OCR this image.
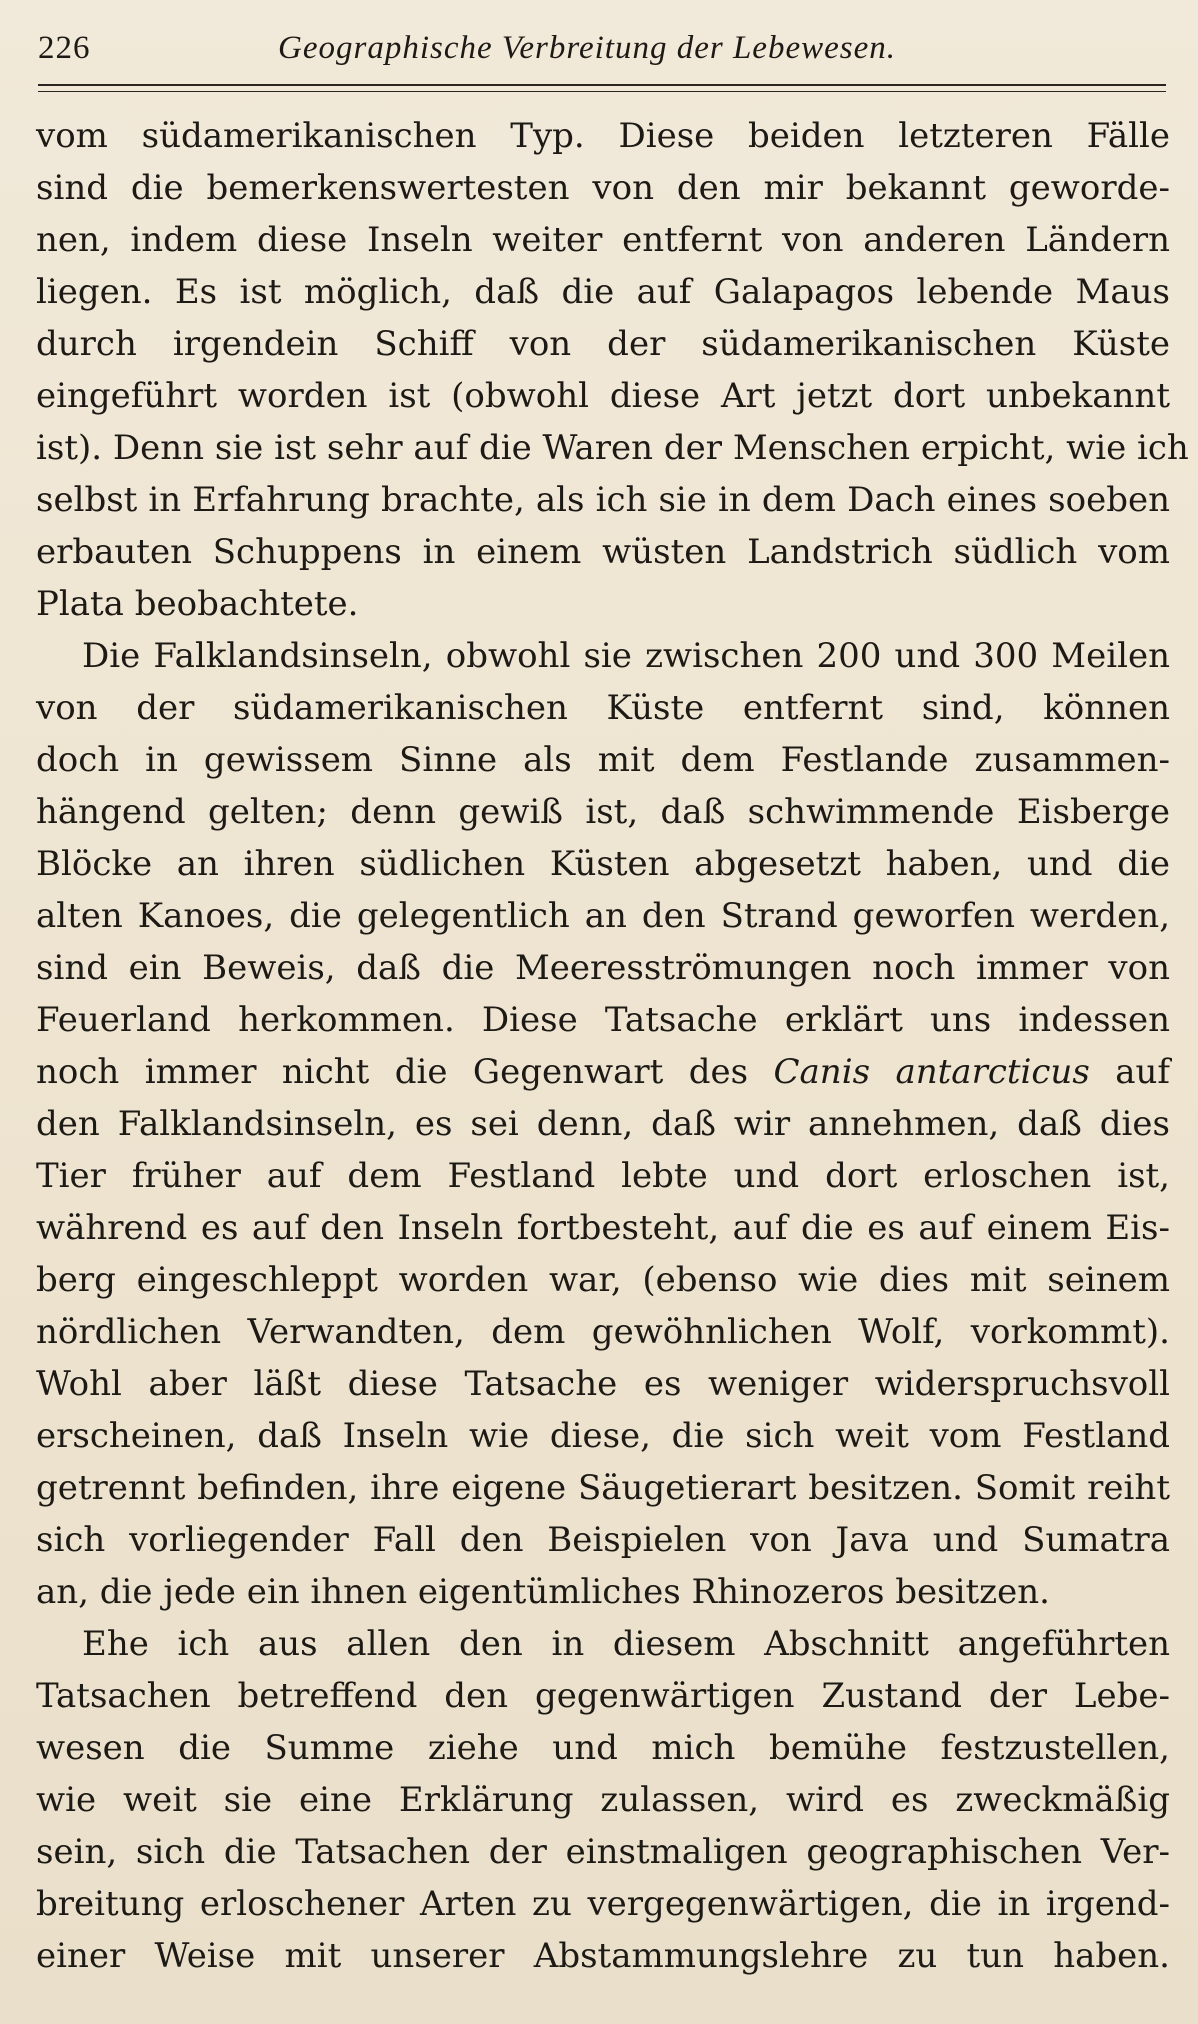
226	Geographische Verbreitung der Lebewesen.
vom südamerikanischen Typ. Diese beiden letzteren Fälle
sind die bemerkenswertesten von den mir bekannt geworde-
nen, indem diese Inseln weiter entfernt von anderen Ländern
liegen. Es ist möglich, daß die auf Galapagos lebende Maus
durch irgendein Schiff von der südamerikanischen Küste
eingeführt worden ist (obwohl diese Art jetzt dort unbekannt
ist). Denn sie ist sehr auf die Waren der Menschen erpicht, wie ich
selbst in Erfahrung brachte, als ich sie in dem Dach eines soeben
erbauten Schuppens in einem wüsten Landstrich südlich vom
Plata beobachtete.
Die Falklandsinseln, obwohl sie zwischen 200 und 300 Meilen
von der südamerikanischen Küste entfernt sind, können
doch in gewissem Sinne als mit dem Festlande zusammen-
hängend gelten; denn gewiß ist, daß schwimmende Eisberge
Blöcke an ihren südlichen Küsten abgesetzt haben, und die
alten Kanoes, die gelegentlich an den Strand geworfen werden,
sind ein Beweis, daß die Meeresströmungen noch immer von
Feuerland herkommen. Diese Tatsache erklärt uns indessen
noch immer nicht die Gegenwart des Canis antarcticus auf
den Falklandsinseln, es sei denn, daß wir annehmen, daß dies
Tier früher auf dem Festland lebte und dort erloschen ist,
während es auf den Inseln fortbesteht, auf die es auf einem Eis-
berg eingeschleppt worden war, (ebenso wie dies mit seinem
nördlichen Verwandten, dem gewöhnlichen Wolf, vorkommt).
Wohl aber läßt diese Tatsache es weniger widerspruchsvoll
erscheinen, daß Inseln wie diese, die sich weit vom Festland
getrennt befinden, ihre eigene Säugetierart besitzen. Somit reiht
sich vorliegender Fall den Beispielen von Java und Sumatra
an, die jede ein ihnen eigentümliches Rhinozeros besitzen.
Ehe ich aus allen den in diesem Abschnitt angeführten
Tatsachen betreffend den gegenwärtigen Zustand der Lebe-
wesen die Summe ziehe und mich bemühe festzustellen,
wie weit sie eine Erklärung zulassen, wird es zweckmäßig
sein, sich die Tatsachen der einstmaligen geographischen Ver-
breitung erloschener Arten zu vergegenwärtigen, die in irgend-
einer Weise mit unserer Abstammungslehre zu tun haben.
